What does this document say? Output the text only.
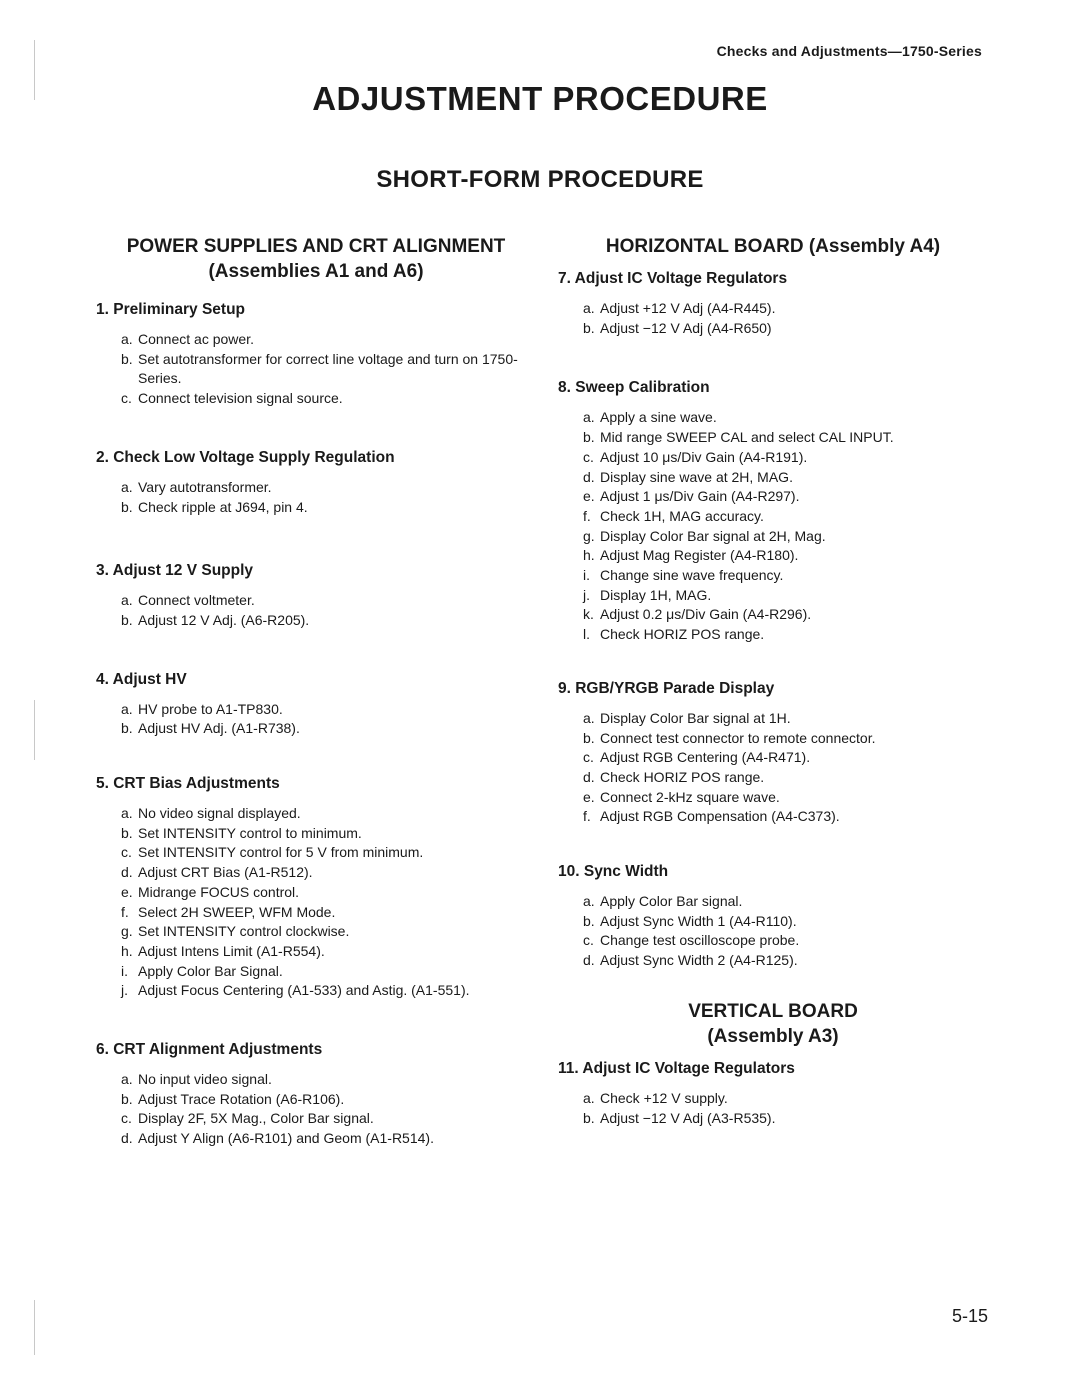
Checks and Adjustments—1750-Series
ADJUSTMENT PROCEDURE
SHORT-FORM PROCEDURE
POWER SUPPLIES AND CRT ALIGNMENT
(Assemblies A1 and A6)
1. Preliminary Setup
a. Connect ac power.
b. Set autotransformer for correct line voltage and turn on 1750-Series.
c. Connect television signal source.
2. Check Low Voltage Supply Regulation
a. Vary autotransformer.
b. Check ripple at J694, pin 4.
3. Adjust 12 V Supply
a. Connect voltmeter.
b. Adjust 12 V Adj. (A6-R205).
4. Adjust HV
a. HV probe to A1-TP830.
b. Adjust HV Adj. (A1-R738).
5. CRT Bias Adjustments
a. No video signal displayed.
b. Set INTENSITY control to minimum.
c. Set INTENSITY control for 5 V from minimum.
d. Adjust CRT Bias (A1-R512).
e. Midrange FOCUS control.
f. Select 2H SWEEP, WFM Mode.
g. Set INTENSITY control clockwise.
h. Adjust Intens Limit (A1-R554).
i. Apply Color Bar Signal.
j. Adjust Focus Centering (A1-533) and Astig. (A1-551).
6. CRT Alignment Adjustments
a. No input video signal.
b. Adjust Trace Rotation (A6-R106).
c. Display 2F, 5X Mag., Color Bar signal.
d. Adjust Y Align (A6-R101) and Geom (A1-R514).
HORIZONTAL BOARD (Assembly A4)
7. Adjust IC Voltage Regulators
a. Adjust +12 V Adj (A4-R445).
b. Adjust −12 V Adj (A4-R650)
8. Sweep Calibration
a. Apply a sine wave.
b. Mid range SWEEP CAL and select CAL INPUT.
c. Adjust 10 μs/Div Gain (A4-R191).
d. Display sine wave at 2H, MAG.
e. Adjust 1 μs/Div Gain (A4-R297).
f. Check 1H, MAG accuracy.
g. Display Color Bar signal at 2H, Mag.
h. Adjust Mag Register (A4-R180).
i. Change sine wave frequency.
j. Display 1H, MAG.
k. Adjust 0.2 μs/Div Gain (A4-R296).
l. Check HORIZ POS range.
9. RGB/YRGB Parade Display
a. Display Color Bar signal at 1H.
b. Connect test connector to remote connector.
c. Adjust RGB Centering (A4-R471).
d. Check HORIZ POS range.
e. Connect 2-kHz square wave.
f. Adjust RGB Compensation (A4-C373).
10. Sync Width
a. Apply Color Bar signal.
b. Adjust Sync Width 1 (A4-R110).
c. Change test oscilloscope probe.
d. Adjust Sync Width 2 (A4-R125).
VERTICAL BOARD
(Assembly A3)
11. Adjust IC Voltage Regulators
a. Check +12 V supply.
b. Adjust −12 V Adj (A3-R535).
5-15
